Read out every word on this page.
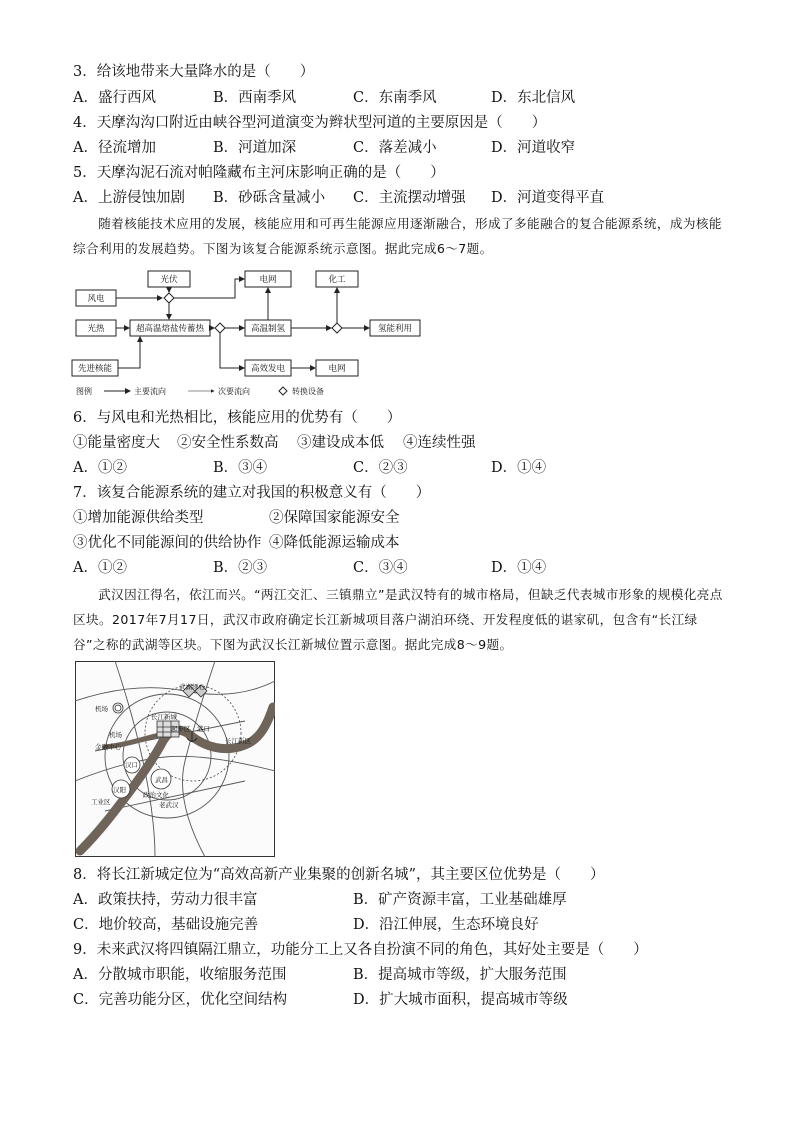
3．给该地带来大量降水的是（　　）
A．盛行西风	B．西南季风	C．东南季风	D．东北信风
4．天摩沟沟口附近由峡谷型河道演变为辫状型河道的主要原因是（　　）
A．径流增加	B．河道加深	C．落差减小	D．河道收窄
5．天摩沟泥石流对帕隆藏布主河床影响正确的是（　　）
A．上游侵蚀加剧 B．砂砾含量减小 C．主流摆动增强 D．河道变得平直
随着核能技术应用的发展，核能应用和可再生能源应用逐渐融合，形成了多能融合的复合能源系统，成为核能综合利用的发展趋势。下图为该复合能源系统示意图。据此完成6～7题。
风电
光伏
光热
先进核能
超高温熔盐传蓄热
电网
高温制氢
化工
氢能利用
高效发电	电网
图例	主要流向	次要流向	转换设备
6．与风电和光热相比，核能应用的优势有（　　）
①能量密度大 ②安全性系数高 ③建设成本低 ④连续性强
A．①②	B．③④	C．②③	D．①④
7．该复合能源系统的建立对我国的积极意义有（　　）
①增加能源供给类型	②保障国家能源安全
③优化不同能源间的供给协作 ④降低能源运输成本
A．①②	B．②③	C．③④	D．①④
武汉因江得名，依江而兴。“两江交汇、三镇鼎立”是武汉特有的城市格局，但缺乏代表城市形象的规模化亮点区块。2017年7月17日，武汉市政府确定长江新城项目落户湖泊环绕、开发程度低的谌家矶，包含有“长江绿谷”之称的武湖等区块。下图为武汉长江新城位置示意图。据此完成8～9题。
机场
武湖绿心
长江新城
起步区 港口
长江新区
金融中心
汉口
工业区
武昌
汉阳
政治文化
老武汉
机场
8．将长江新城定位为“高效高新产业集聚的创新名城”，其主要区位优势是（　　）
A．政策扶持，劳动力很丰富	B．矿产资源丰富，工业基础雄厚
C．地价较高，基础设施完善	D．沿江伸展，生态环境良好
9．未来武汉将四镇隔江鼎立，功能分工上又各自扮演不同的角色，其好处主要是（　　）
A．分散城市职能，收缩服务范围	B．提高城市等级，扩大服务范围
C．完善功能分区，优化空间结构	D．扩大城市面积，提高城市等级
